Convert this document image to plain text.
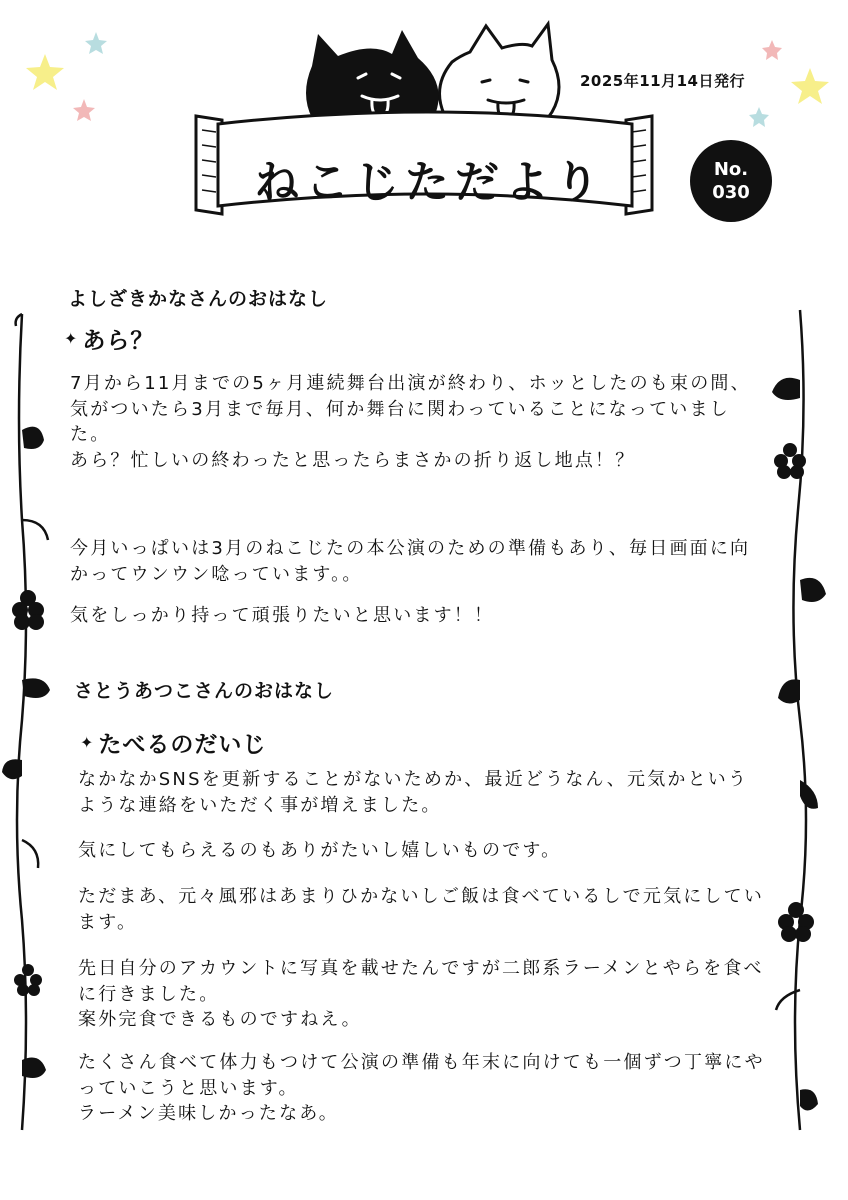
2025年11月14日発行
ねこじただより	No.
030
よしざきかなさんのおはなし
✦ あら？
7月から11月までの5ヶ月連続舞台出演が終わり、ホッとしたのも束の間、
気がついたら3月まで毎月、何か舞台に関わっていることになっていました。
あら？忙しいの終わったと思ったらまさかの折り返し地点！？
今月いっぱいは3月のねこじたの本公演のための準備もあり、毎日画面に向かってウンウン唸っています。。
気をしっかり持って頑張りたいと思います！！
さとうあつこさんのおはなし
✦ たべるのだいじ
なかなかSNSを更新することがないためか、最近どうなん、元気かというような連絡をいただく事が増えました。
気にしてもらえるのもありがたいし嬉しいものです。
ただまあ、元々風邪はあまりひかないしご飯は食べているしで元気にしています。
先日自分のアカウントに写真を載せたんですが二郎系ラーメンとやらを食べに行きました。
案外完食できるものですねえ。
たくさん食べて体力もつけて公演の準備も年末に向けても一個ずつ丁寧にやっていこうと思います。
ラーメン美味しかったなあ。
